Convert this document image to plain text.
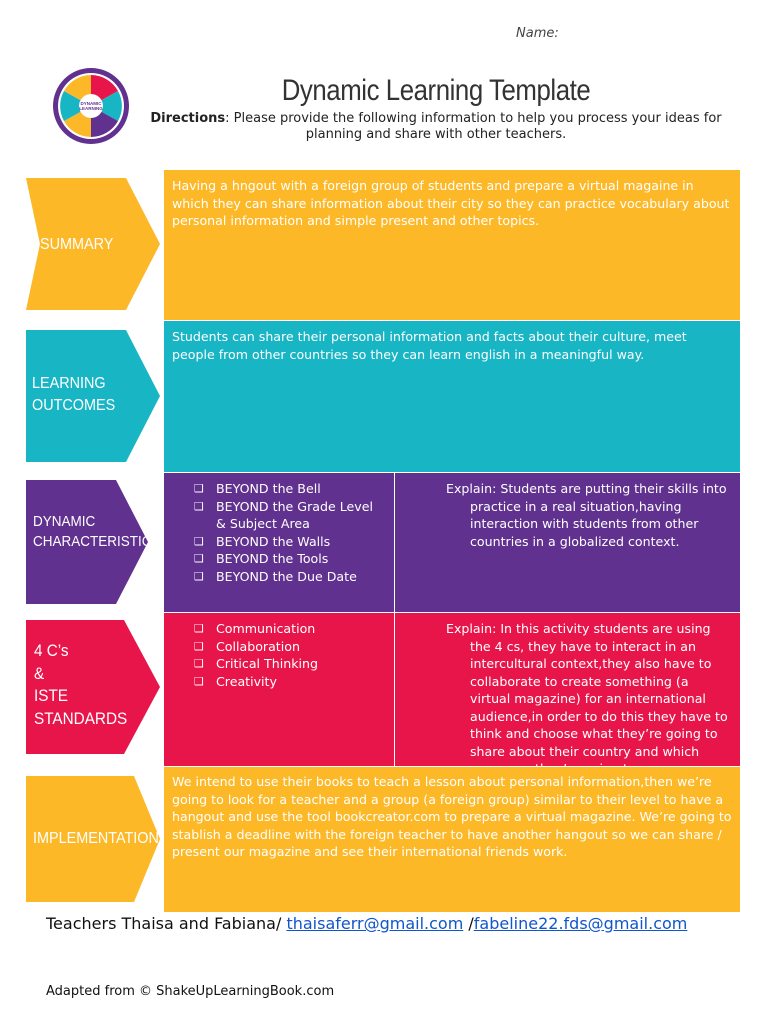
Name:
DYNAMIC
LEARNING
Dynamic Learning Template
Directions: Please provide the following information to help you process your ideas for planning and share with other teachers.
SUMMARY
Having a hngout with a foreign group of students and prepare a virtual magaine in which they can share information about their city so they can practice vocabulary about personal information and simple present and other topics.
LEARNING
OUTCOMES
Students can share their personal information and facts about their culture, meet people from other countries so they can learn english in a meaningful way.
DYNAMIC
CHARACTERISTICS
❑ BEYOND the Bell
❑ BEYOND the Grade Level & Subject Area
❑ BEYOND the Walls
❑ BEYOND the Tools
❑ BEYOND the Due Date
Explain: Students are putting their skills into practice in a real situation,having interaction with students from other countries in a globalized context.
4 C’s
&
ISTE
STANDARDS
❑ Communication
❑ Collaboration
❑ Critical Thinking
❑ Creativity
Explain: In this activity students are using the 4 cs, they have to interact in an intercultural context,they also have to collaborate to create something (a virtual magazine) for an international audience,in order to do this they have to think and choose what they’re going to share about their country and which
IMPLEMENTATION
We intend to use their books to teach a lesson about personal information,then we’re going to look for a teacher and a group (a foreign group) similar to their level to have a hangout and use the tool bookcreator.com to prepare a virtual magazine. We’re going to stablish a deadline with the foreign teacher to have another hangout so we can share / present our magazine and see their international friends work.
Teachers Thaisa and Fabiana/ thaisaferr@gmail.com /fabeline22.fds@gmail.com
Adapted from © ShakeUpLearningBook.com
